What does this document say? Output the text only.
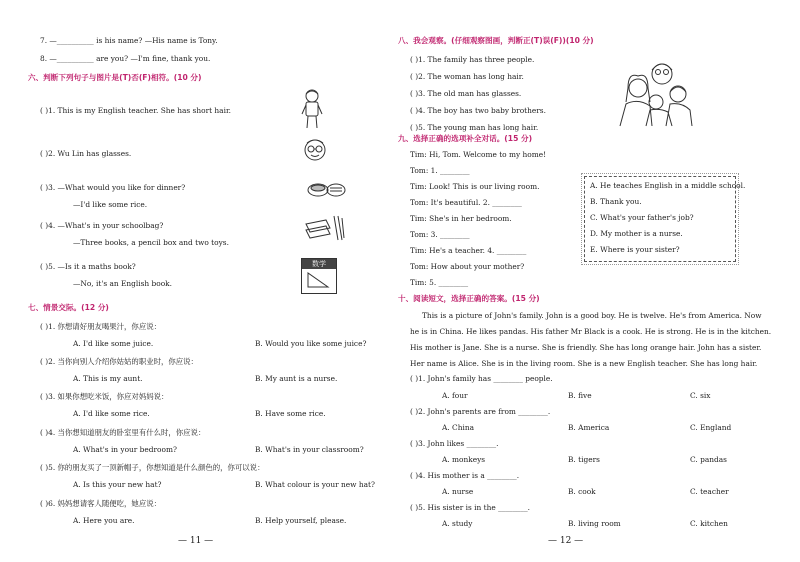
7. —__________ is his name? —His name is Tony.
8. —__________ are you? —I'm fine, thank you.
六、判断下列句子与图片是(T)否(F)相符。(10 分)
( )1. This is my English teacher. She has short hair.
( )2. Wu Lin has glasses.
( )3. —What would you like for dinner?
—I'd like some rice.
( )4. —What's in your schoolbag?
—Three books, a pencil box and two toys.
( )5. —Is it a maths book?
—No, it's an English book.
数学
七、情景交际。(12 分)
( )1. 你想请好朋友喝果汁，你应说：
A. I'd like some juice.	B. Would you like some juice?
( )2. 当你向别人介绍你姑姑的职业时，你应说：
A. This is my aunt.	B. My aunt is a nurse.
( )3. 如果你想吃米饭，你应对妈妈说：
A. I'd like some rice.	B. Have some rice.
( )4. 当你想知道朋友的卧室里有什么时，你应说：
A. What's in your bedroom?	B. What's in your classroom?
( )5. 你的朋友买了一顶新帽子，你想知道是什么颜色的，你可以说：
A. Is this your new hat?	B. What colour is your new hat?
( )6. 妈妈想请客人随便吃，她应说：
A. Here you are.	B. Help yourself, please.
— 11 —
八、我会观察。(仔细观察图画，判断正(T)误(F))(10 分)
( )1. The family has three people.
( )2. The woman has long hair.
( )3. The old man has glasses.
( )4. The boy has two baby brothers.
( )5. The young man has long hair.
九、选择正确的选项补全对话。(15 分)
Tim: Hi, Tom. Welcome to my home!
Tom: 1. ________
Tim: Look! This is our living room.
Tom: It's beautiful. 2. ________
Tim: She's in her bedroom.
Tom: 3. ________
Tim: He's a teacher. 4. ________
Tom: How about your mother?
Tim: 5. ________
A. He teaches English in a middle school.
B. Thank you.
C. What's your father's job?
D. My mother is a nurse.
E. Where is your sister?
十、阅读短文，选择正确的答案。(15 分)
This is a picture of John's family. John is a good boy. He is twelve. He's from America. Now
he is in China. He likes pandas. His father Mr Black is a cook. He is strong. He is in the kitchen.
His mother is Jane. She is a nurse. She is friendly. She has long orange hair. John has a sister.
Her name is Alice. She is in the living room. She is a new English teacher. She has long hair.
( )1. John's family has ________ people.
A. four	B. five	C. six
( )2. John's parents are from ________.
A. China	B. America	C. England
( )3. John likes ________.
A. monkeys	B. tigers	C. pandas
( )4. His mother is a ________.
A. nurse	B. cook	C. teacher
( )5. His sister is in the ________.
A. study	B. living room	C. kitchen
— 12 —
